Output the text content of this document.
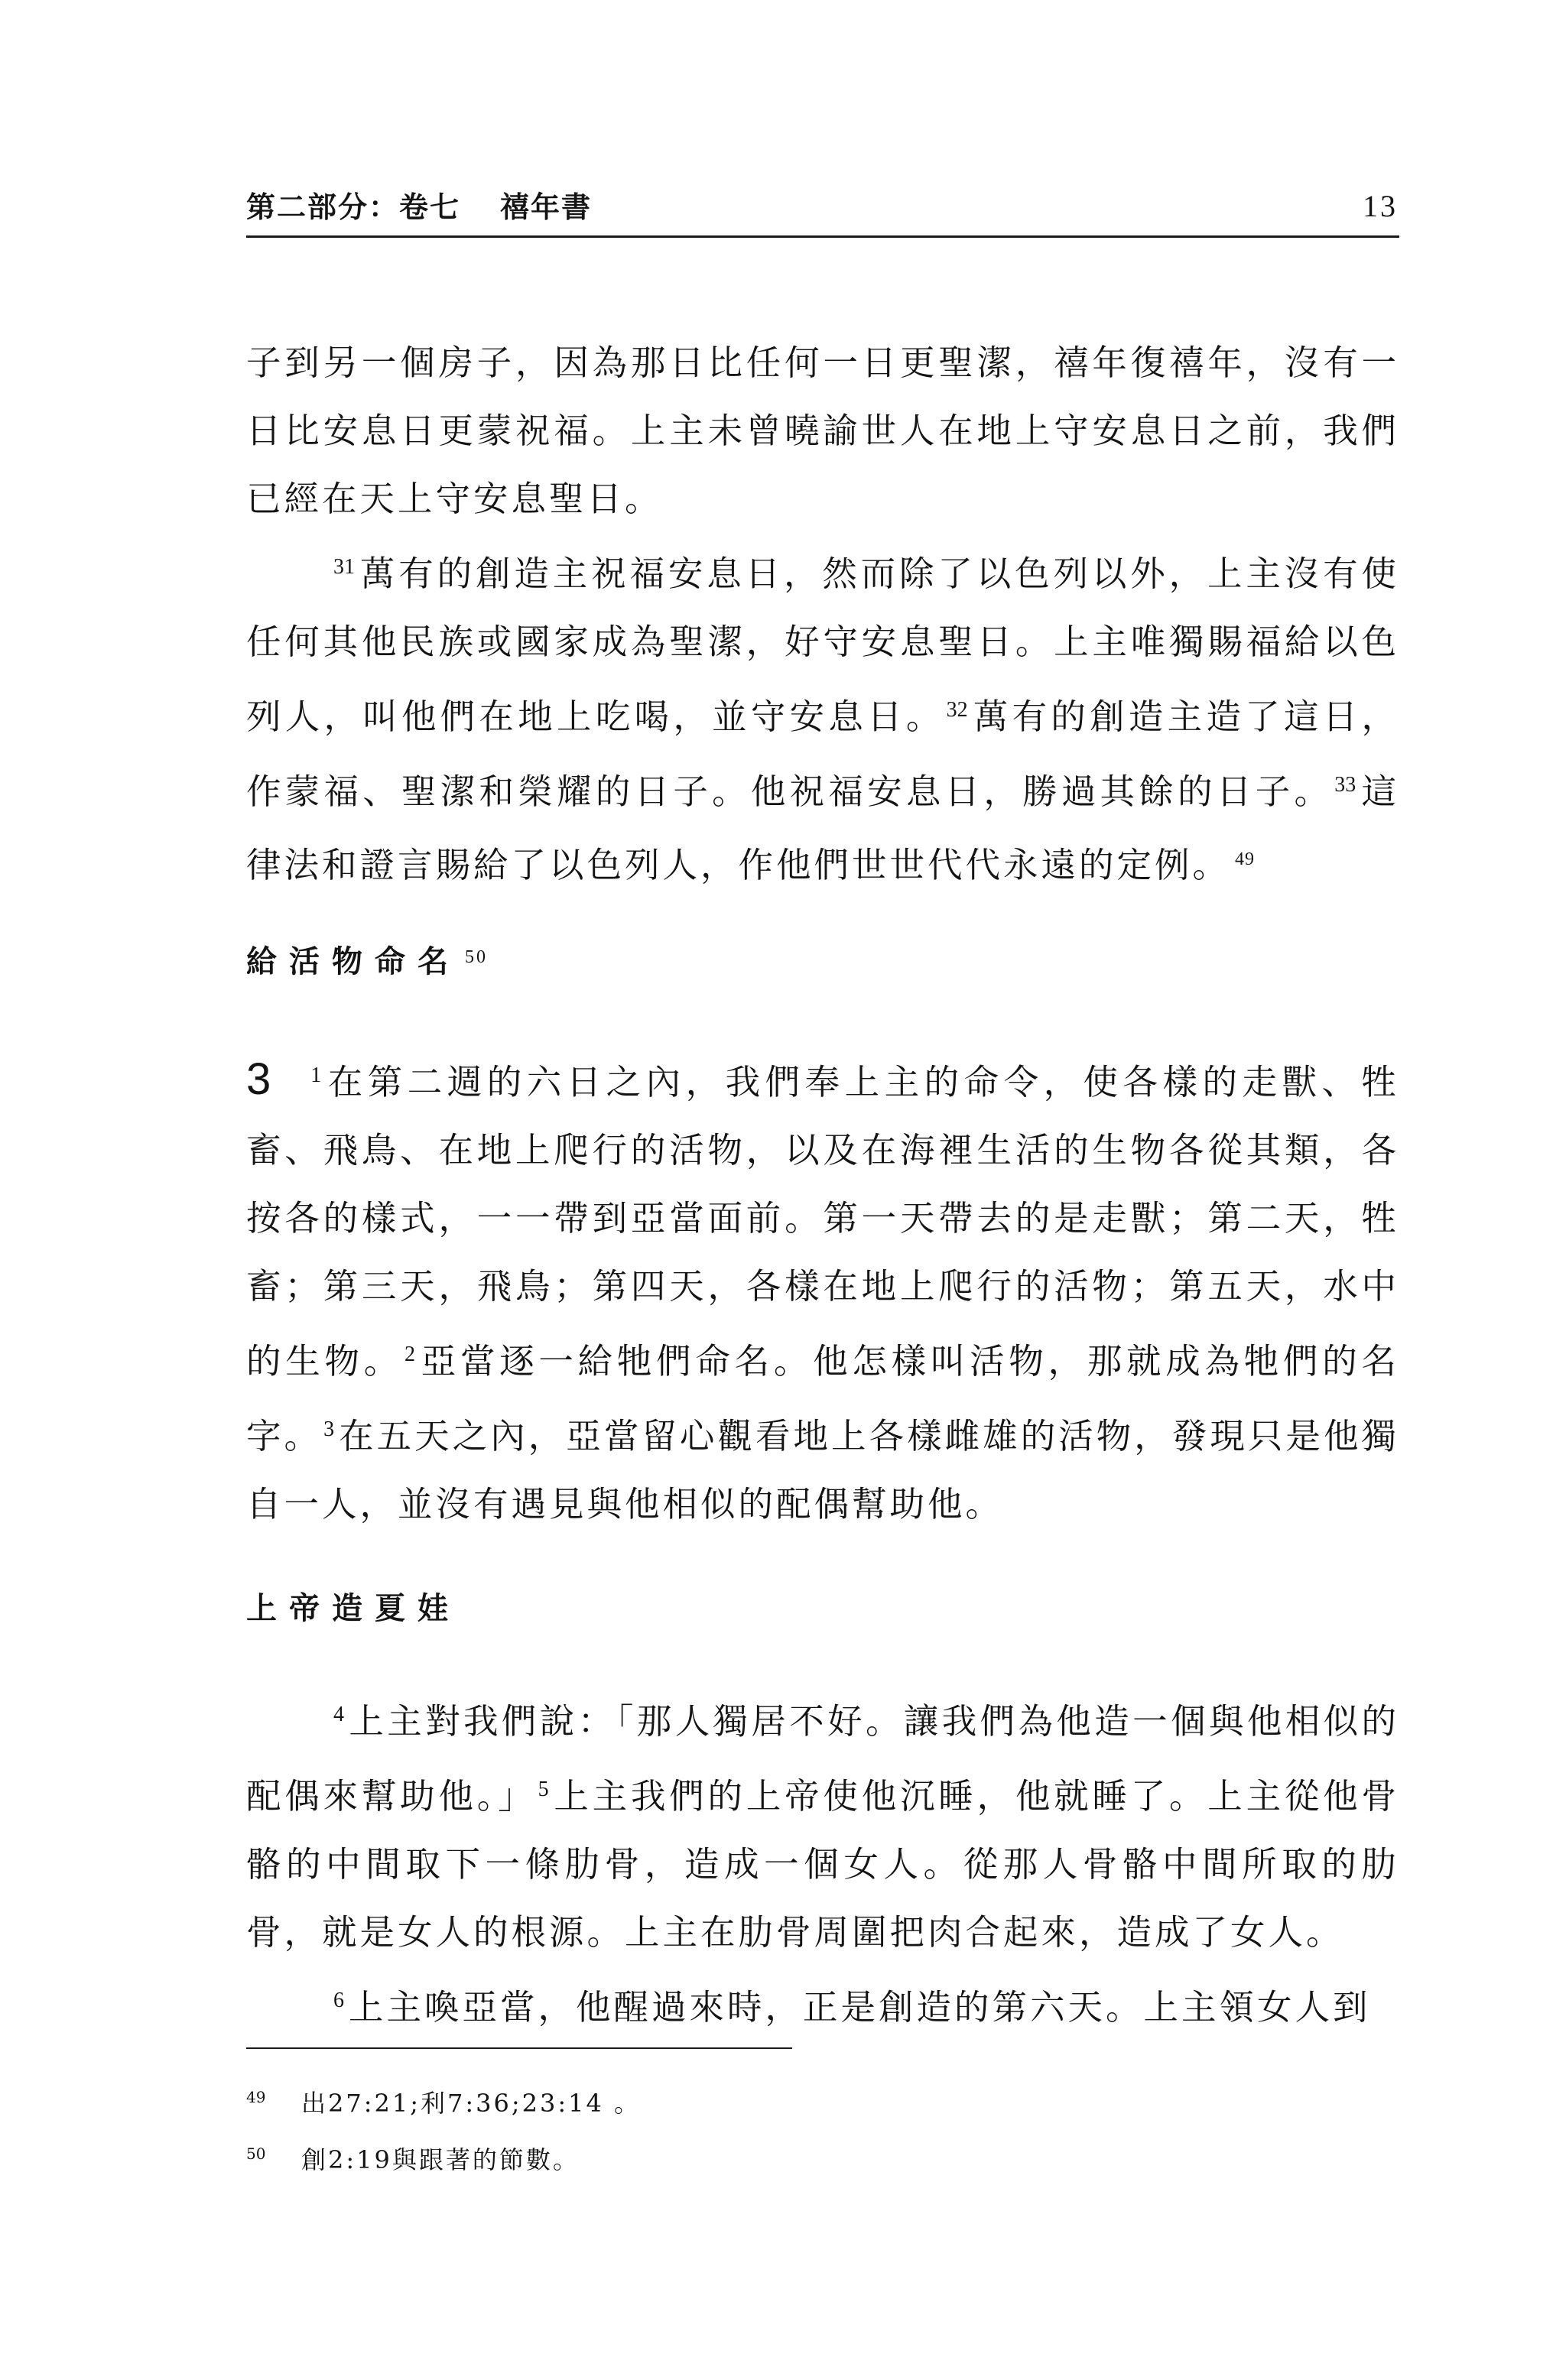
第二部分：卷七 禧年書	13

子到另一個房子，因為那日比任何一日更聖潔，禧年復禧年，沒有一日比安息日更蒙祝福。上主未曾曉諭世人在地上守安息日之前，我們已經在天上守安息聖日。

$^{31}$ 萬有的創造主祝福安息日，然而除了以色列以外，上主沒有使任何其他民族或國家成為聖潔，好守安息聖日。上主唯獨賜福給以色列人，叫他們在地上吃喝，並守安息日。$^{32}$ 萬有的創造主造了這日，作蒙福、聖潔和榮耀的日子。他祝福安息日，勝過其餘的日子。$^{33}$ 這律法和證言賜給了以色列人，作他們世世代代永遠的定例。 $^{49}$

給活物命名 $^{50}$

3 $^1$ 在第二週的六日之內，我們奉上主的命令，使各樣的走獸、牲畜、飛鳥、在地上爬行的活物，以及在海裡生活的生物各從其類，各按各的樣式，一一帶到亞當面前。第一天帶去的是走獸；第二天，牲畜；第三天，飛鳥；第四天，各樣在地上爬行的活物；第五天，水中的生物。$^2$ 亞當逐一給牠們命名。他怎樣叫活物，那就成為牠們的名字。$^3$ 在五天之內，亞當留心觀看地上各樣雌雄的活物，發現只是他獨自一人，並沒有遇見與他相似的配偶幫助他。

上帝造夏娃

$^4$ 上主對我們說：「那人獨居不好。讓我們為他造一個與他相似的配偶來幫助他。」$^5$ 上主我們的上帝使他沉睡，他就睡了。上主從他骨骼的中間取下一條肋骨，造成一個女人。從那人骨骼中間所取的肋骨，就是女人的根源。上主在肋骨周圍把肉合起來，造成了女人。

$^6$ 上主喚亞當，他醒過來時，正是創造的第六天。上主領女人到

49 出27:21;利7:36;23:14 。
50 創2:19與跟著的節數。
